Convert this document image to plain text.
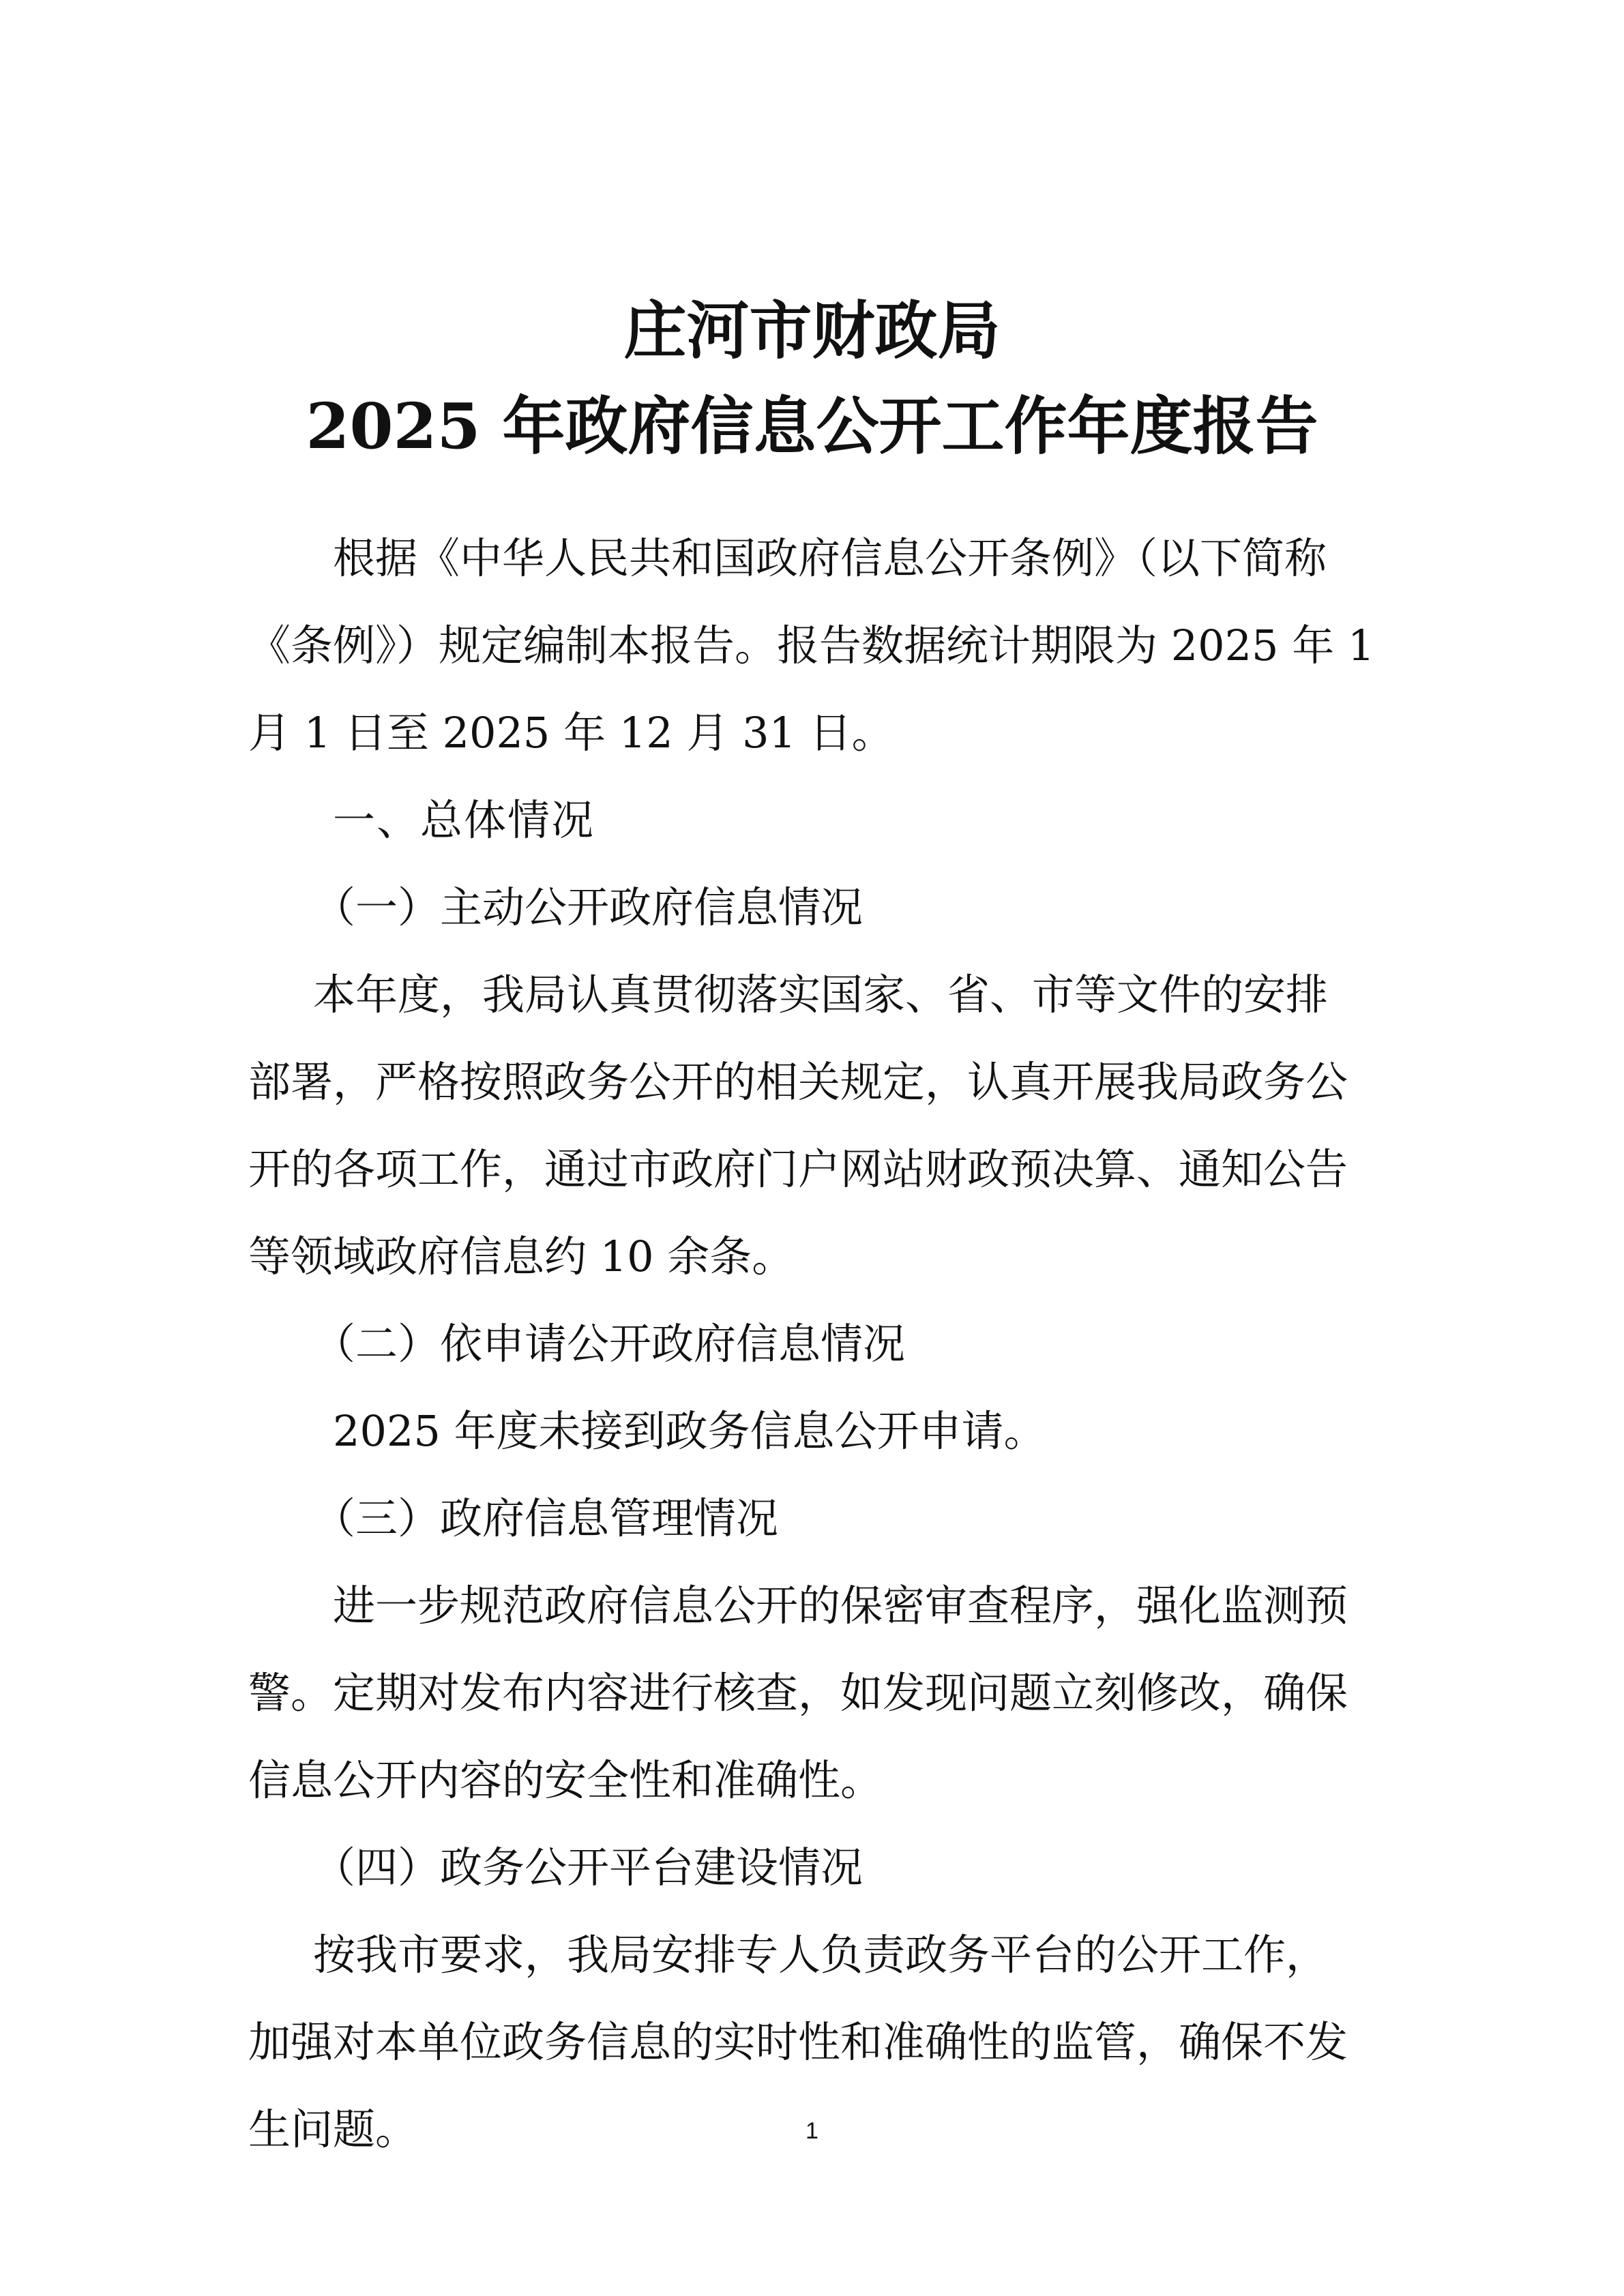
庄河市财政局
2025 年政府信息公开工作年度报告
根据《中华人民共和国政府信息公开条例》（以下简称
《条例》）规定编制本报告。报告数据统计期限为 2025 年 1
月 1 日至 2025 年 12 月 31 日。
一、总体情况
（一）主动公开政府信息情况
本年度，我局认真贯彻落实国家、省、市等文件的安排
部署，严格按照政务公开的相关规定，认真开展我局政务公
开的各项工作，通过市政府门户网站财政预决算、通知公告
等领域政府信息约 10 余条。
（二）依申请公开政府信息情况
2025 年度未接到政务信息公开申请。
（三）政府信息管理情况
进一步规范政府信息公开的保密审查程序，强化监测预
警。定期对发布内容进行核查，如发现问题立刻修改，确保
信息公开内容的安全性和准确性。
（四）政务公开平台建设情况
按我市要求，我局安排专人负责政务平台的公开工作，
加强对本单位政务信息的实时性和准确性的监管，确保不发
生问题。	1
